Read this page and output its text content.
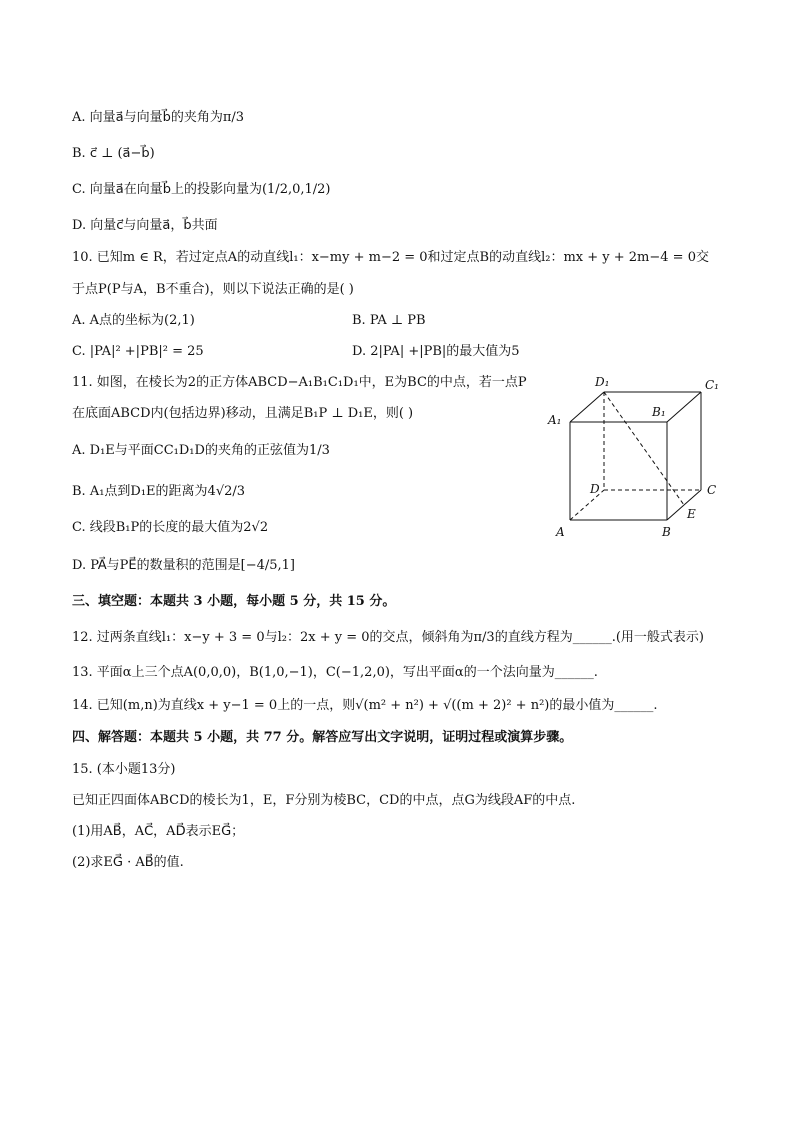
A. 向量a⃗与向量b⃗的夹角为π/3
B. c⃗ ⊥ (a⃗−b⃗)
C. 向量a⃗在向量b⃗上的投影向量为(1/2,0,1/2)
D. 向量c⃗与向量a⃗，b⃗共面
10. 已知m ∈ R，若过定点A的动直线l₁：x−my + m−2 = 0和过定点B的动直线l₂：mx + y + 2m−4 = 0交
于点P(P与A，B不重合)，则以下说法正确的是( )
A. A点的坐标为(2,1)	B. PA ⊥ PB
C. |PA|² +|PB|² = 25	D. 2|PA| +|PB|的最大值为5
11. 如图，在棱长为2的正方体ABCD−A₁B₁C₁D₁中，E为BC的中点，若一点P
在底面ABCD内(包括边界)移动，且满足B₁P ⊥ D₁E，则( )
A. D₁E与平面CC₁D₁D的夹角的正弦值为1/3
B. A₁点到D₁E的距离为4√2/3
C. 线段B₁P的长度的最大值为2√2
D. PA⃗与PE⃗的数量积的范围是[−4/5,1]
D₁	C₁
A₁
B₁
D	C
E
A	B
三、填空题：本题共 3 小题，每小题 5 分，共 15 分。
12. 过两条直线l₁：x−y + 3 = 0与l₂：2x + y = 0的交点，倾斜角为π/3的直线方程为______.(用一般式表示)
13. 平面α上三个点A(0,0,0)，B(1,0,−1)，C(−1,2,0)，写出平面α的一个法向量为______.
14. 已知(m,n)为直线x + y−1 = 0上的一点，则√(m² + n²) + √((m + 2)² + n²)的最小值为______.
四、解答题：本题共 5 小题，共 77 分。解答应写出文字说明，证明过程或演算步骤。
15. (本小题13分)
已知正四面体ABCD的棱长为1，E，F分别为棱BC，CD的中点，点G为线段AF的中点.
(1)用AB⃗，AC⃗，AD⃗表示EG⃗；
(2)求EG⃗ · AB⃗的值.
